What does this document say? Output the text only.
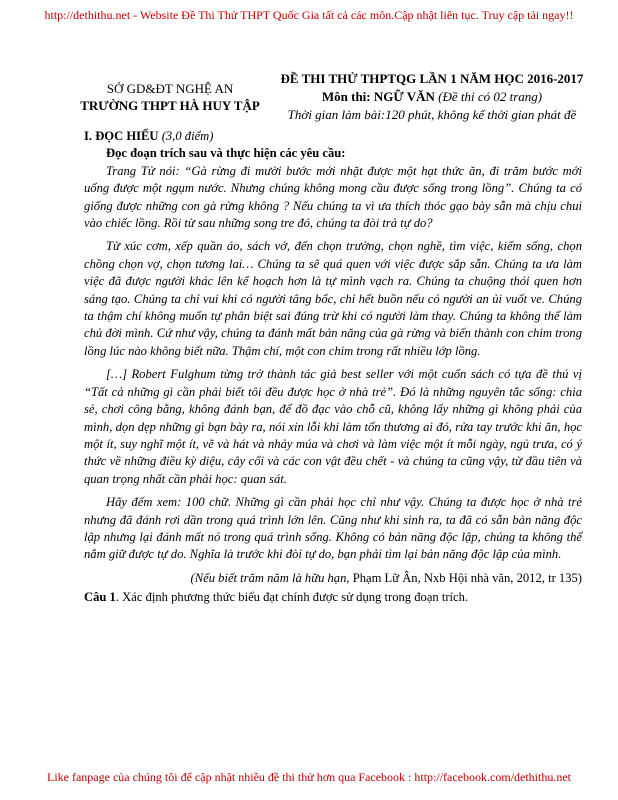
http://dethithu.net - Website Đề Thi Thử THPT Quốc Gia tất cả các môn.Cập nhật liên tục. Truy cập tải ngay!!
SỞ GD&ĐT NGHỆ AN
TRƯỜNG THPT HÀ HUY TẬP
ĐỀ THI THỬ THPTQG LẦN 1 NĂM HỌC 2016-2017
Môn thi: NGỮ VĂN (Đề thi có 02 trang)
Thời gian làm bài:120 phút, không kể thời gian phát đề
I. ĐỌC HIỂU (3,0 điểm)
Đọc đoạn trích sau và thực hiện các yêu cầu:

Trang Tử nói: “Gà rừng đi mười bước mới nhặt được một hạt thức ăn, đi trăm bước mới uống được một ngụm nước. Nhưng chúng không mong cầu được sống trong lồng”. Chúng ta có giống được những con gà rừng không ? Nếu chúng ta vì ưa thích thóc gạo bày sẵn mà chịu chui vào chiếc lồng. Rồi từ sau những song tre đó, chúng ta đòi trả tự do?

Từ xúc cơm, xếp quần áo, sách vở, đến chọn trường, chọn nghề, tìm việc, kiếm sống, chọn chồng chọn vợ, chọn tương lai… Chúng ta sẽ quá quen với việc được sắp sẵn. Chúng ta ưa làm việc đã được người khác lên kế hoạch hơn là tự mình vạch ra. Chúng ta chuộng thói quen hơn sáng tạo. Chúng ta chỉ vui khi có người tâng bốc, chỉ hết buồn nếu có người an ủi vuốt ve. Chúng ta thậm chí không muốn tự phân biệt sai đúng trừ khi có người làm thay. Chúng ta không thể làm chủ đời mình. Cứ như vậy, chúng ta đánh mất bản năng của gà rừng và biến thành con chim trong lồng lúc nào không biết nữa. Thậm chí, một con chim trong rất nhiều lớp lồng.

[…] Robert Fulghum từng trở thành tác giả best seller với một cuốn sách có tựa đề thú vị “Tất cả những gì cần phải biết tôi đều được học ở nhà trẻ”. Đó là những nguyên tắc sống: chia sẻ, chơi công bằng, không đánh bạn, để đồ đạc vào chỗ cũ, không lấy những gì không phải của mình, dọn dẹp những gì bạn bày ra, nói xin lỗi khi làm tổn thương ai đó, rửa tay trước khi ăn, học một ít, suy nghĩ một ít, vẽ và hát và nhảy múa và chơi và làm việc một ít mỗi ngày, ngủ trưa, có ý thức về những điều kỳ diệu, cây cối và các con vật đều chết - và chúng ta cũng vậy, từ đầu tiên và quan trọng nhất cần phải học: quan sát.

Hãy đếm xem: 100 chữ. Những gì cần phải học chỉ như vậy. Chúng ta được học ở nhà trẻ nhưng đã đánh rơi dần trong quá trình lớn lên. Cũng như khi sinh ra, ta đã có sẵn bản năng độc lập nhưng lại đánh mất nó trong quá trình sống. Không có bản năng độc lập, chúng ta không thể nắm giữ được tự do. Nghĩa là trước khi đòi tự do, bạn phải tìm lại bản năng độc lập của mình.

(Nếu biết trăm năm là hữu hạn, Phạm Lữ Ân, Nxb Hội nhà văn, 2012, tr 135)
Câu 1. Xác định phương thức biểu đạt chính được sử dụng trong đoạn trích.
Like fanpage của chúng tôi để cập nhật nhiều đề thi thử hơn qua Facebook : http://facebook.com/dethithu.net
